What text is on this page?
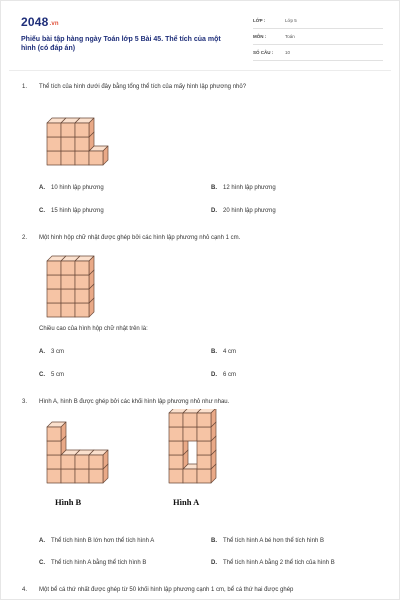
2048.vn
Phiếu bài tập hàng ngày Toán lớp 5 Bài 45. Thể tích của một hình (có đáp án)
LỚP :	Lớp 5
MÔN :	Toán
SỐ CÂU :	10
1. Thể tích của hình dưới đây bằng tổng thể tích của mấy hình lập phương nhỏ?
A. 10 hình lập phương	B. 12 hình lập phương
C. 15 hình lập phương	D. 20 hình lập phương
2. Một hình hộp chữ nhật được ghép bởi các hình lập phương nhỏ cạnh 1 cm.
Chiều cao của hình hộp chữ nhật trên là:
A. 3 cm	B. 4 cm
C. 5 cm	D. 6 cm
3. Hình A, hình B được ghép bởi các khối hình lập phương nhỏ như nhau.
Hình B	Hình A
A. Thể tích hình B lớn hơn thể tích hình A	B. Thể tích hình A bé hơn thể tích hình B
C. Thể tích hình A bằng thể tích hình B	D. Thể tích hình A bằng 2 thể tích của hình B
4. Một bể cá thứ nhất được ghép từ 50 khối hình lập phương cạnh 1 cm, bể cá thứ hai được ghép
